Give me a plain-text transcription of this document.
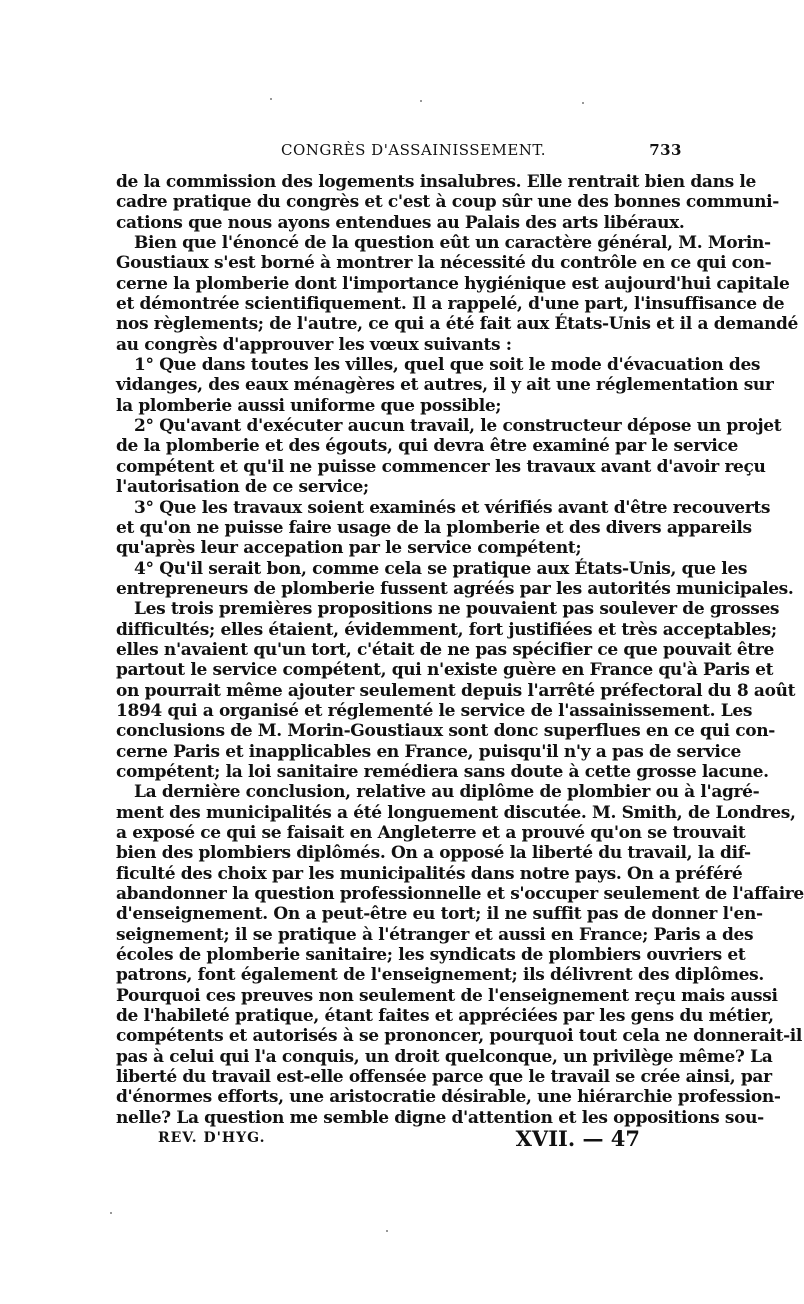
CONGRÈS D'ASSAINISSEMENT.	733
de la commission des logements insalubres. Elle rentrait bien dans le
cadre pratique du congrès et c'est à coup sûr une des bonnes communi-
cations que nous ayons entendues au Palais des arts libéraux.
Bien que l'énoncé de la question eût un caractère général, M. Morin-
Goustiaux s'est borné à montrer la nécessité du contrôle en ce qui con-
cerne la plomberie dont l'importance hygiénique est aujourd'hui capitale
et démontrée scientifiquement. Il a rappelé, d'une part, l'insuffisance de
nos règlements; de l'autre, ce qui a été fait aux États-Unis et il a demandé
au congrès d'approuver les vœux suivants :
1° Que dans toutes les villes, quel que soit le mode d'évacuation des
vidanges, des eaux ménagères et autres, il y ait une réglementation sur
la plomberie aussi uniforme que possible;
2° Qu'avant d'exécuter aucun travail, le constructeur dépose un projet
de la plomberie et des égouts, qui devra être examiné par le service
compétent et qu'il ne puisse commencer les travaux avant d'avoir reçu
l'autorisation de ce service;
3° Que les travaux soient examinés et vérifiés avant d'être recouverts
et qu'on ne puisse faire usage de la plomberie et des divers appareils
qu'après leur accepation par le service compétent;
4° Qu'il serait bon, comme cela se pratique aux États-Unis, que les
entrepreneurs de plomberie fussent agréés par les autorités municipales.
Les trois premières propositions ne pouvaient pas soulever de grosses
difficultés; elles étaient, évidemment, fort justifiées et très acceptables;
elles n'avaient qu'un tort, c'était de ne pas spécifier ce que pouvait être
partout le service compétent, qui n'existe guère en France qu'à Paris et
on pourrait même ajouter seulement depuis l'arrêté préfectoral du 8 août
1894 qui a organisé et réglementé le service de l'assainissement. Les
conclusions de M. Morin-Goustiaux sont donc superflues en ce qui con-
cerne Paris et inapplicables en France, puisqu'il n'y a pas de service
compétent; la loi sanitaire remédiera sans doute à cette grosse lacune.
La dernière conclusion, relative au diplôme de plombier ou à l'agré-
ment des municipalités a été longuement discutée. M. Smith, de Londres,
a exposé ce qui se faisait en Angleterre et a prouvé qu'on se trouvait
bien des plombiers diplômés. On a opposé la liberté du travail, la dif-
ficulté des choix par les municipalités dans notre pays. On a préféré
abandonner la question professionnelle et s'occuper seulement de l'affaire
d'enseignement. On a peut-être eu tort; il ne suffit pas de donner l'en-
seignement; il se pratique à l'étranger et aussi en France; Paris a des
écoles de plomberie sanitaire; les syndicats de plombiers ouvriers et
patrons, font également de l'enseignement; ils délivrent des diplômes.
Pourquoi ces preuves non seulement de l'enseignement reçu mais aussi
de l'habileté pratique, étant faites et appréciées par les gens du métier,
compétents et autorisés à se prononcer, pourquoi tout cela ne donnerait-il
pas à celui qui l'a conquis, un droit quelconque, un privilège même? La
liberté du travail est-elle offensée parce que le travail se crée ainsi, par
d'énormes efforts, une aristocratie désirable, une hiérarchie profession-
nelle? La question me semble digne d'attention et les oppositions sou-
REV. D'HYG.	XVII. — 47
